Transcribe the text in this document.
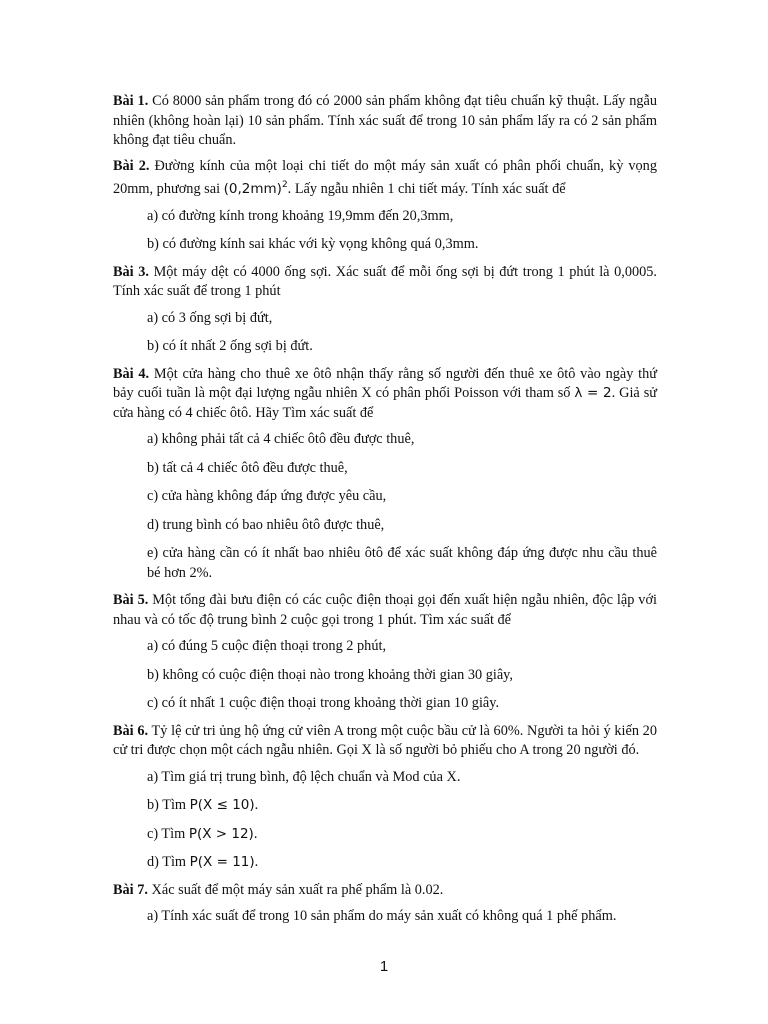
Bài 1. Có 8000 sản phẩm trong đó có 2000 sản phẩm không đạt tiêu chuẩn kỹ thuật. Lấy ngẫu nhiên (không hoàn lại) 10 sản phẩm. Tính xác suất để trong 10 sản phẩm lấy ra có 2 sản phẩm không đạt tiêu chuẩn.

Bài 2. Đường kính của một loại chi tiết do một máy sản xuất có phân phối chuẩn, kỳ vọng 20mm, phương sai $(0,2mm)^2$. Lấy ngẫu nhiên 1 chi tiết máy. Tính xác suất để

a) có đường kính trong khoảng 19,9mm đến 20,3mm,
b) có đường kính sai khác với kỳ vọng không quá 0,3mm.

Bài 3. Một máy dệt có 4000 ống sợi. Xác suất để mỗi ống sợi bị đứt trong 1 phút là 0,0005. Tính xác suất để trong 1 phút

a) có 3 ống sợi bị đứt,
b) có ít nhất 2 ống sợi bị đứt.

Bài 4. Một cửa hàng cho thuê xe ôtô nhận thấy rằng số người đến thuê xe ôtô vào ngày thứ bảy cuối tuần là một đại lượng ngẫu nhiên X có phân phối Poisson với tham số λ = 2. Giả sử cửa hàng có 4 chiếc ôtô. Hãy Tìm xác suất để

a) không phải tất cả 4 chiếc ôtô đều được thuê,
b) tất cả 4 chiếc ôtô đều được thuê,
c) cửa hàng không đáp ứng được yêu cầu,
d) trung bình có bao nhiêu ôtô được thuê,
e) cửa hàng cần có ít nhất bao nhiêu ôtô để xác suất không đáp ứng được nhu cầu thuê bé hơn 2%.

Bài 5. Một tổng đài bưu điện có các cuộc điện thoại gọi đến xuất hiện ngẫu nhiên, độc lập với nhau và có tốc độ trung bình 2 cuộc gọi trong 1 phút. Tìm xác suất để

a) có đúng 5 cuộc điện thoại trong 2 phút,
b) không có cuộc điện thoại nào trong khoảng thời gian 30 giây,
c) có ít nhất 1 cuộc điện thoại trong khoảng thời gian 10 giây.

Bài 6. Tỷ lệ cử tri ủng hộ ứng cử viên A trong một cuộc bầu cử là 60%. Người ta hỏi ý kiến 20 cử tri được chọn một cách ngẫu nhiên. Gọi X là số người bỏ phiếu cho A trong 20 người đó.

a) Tìm giá trị trung bình, độ lệch chuẩn và Mod của X.
b) Tìm P(X ≤ 10).
c) Tìm P(X > 12).
d) Tìm P(X = 11).

Bài 7. Xác suất để một máy sản xuất ra phế phẩm là 0.02.

a) Tính xác suất để trong 10 sản phẩm do máy sản xuất có không quá 1 phế phẩm.
1
